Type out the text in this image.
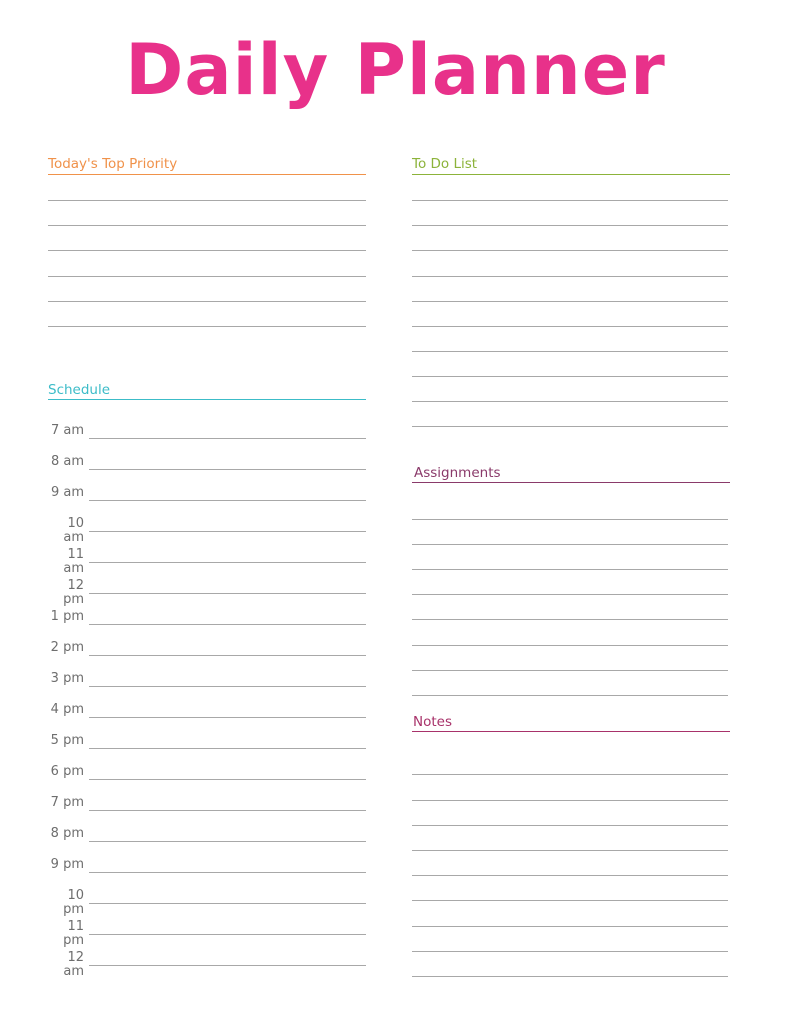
Daily Planner
Today's Top Priority	To Do List
Schedule
7 am
8 am
9 am
10 am
11 am
12 pm
1 pm
2 pm
3 pm
4 pm
5 pm
6 pm
7 pm
8 pm
9 pm
10 pm
11 pm
12 am
Assignments
Notes
